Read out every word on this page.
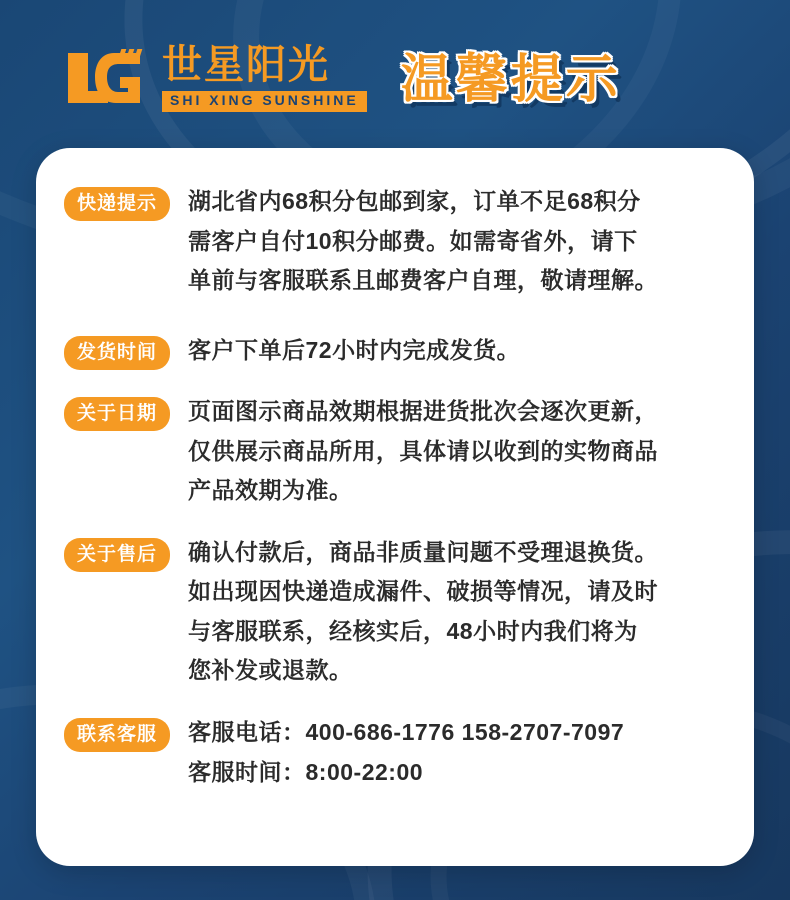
世星阳光
SHI XING SUNSHINE 温馨提示
快递提示	湖北省内68积分包邮到家，订单不足68积分

需客户自付10积分邮费。如需寄省外，请下

单前与客服联系且邮费客户自理，敬请理解。

发货时间	客户下单后72小时内完成发货。

关于日期	页面图示商品效期根据进货批次会逐次更新，

仅供展示商品所用，具体请以收到的实物商品

产品效期为准。

关于售后	确认付款后，商品非质量问题不受理退换货。

如出现因快递造成漏件、破损等情况，请及时

与客服联系，经核实后，48小时内我们将为

您补发或退款。

联系客服	客服电话：400-686-1776 158-2707-7097

客服时间：8:00-22:00
